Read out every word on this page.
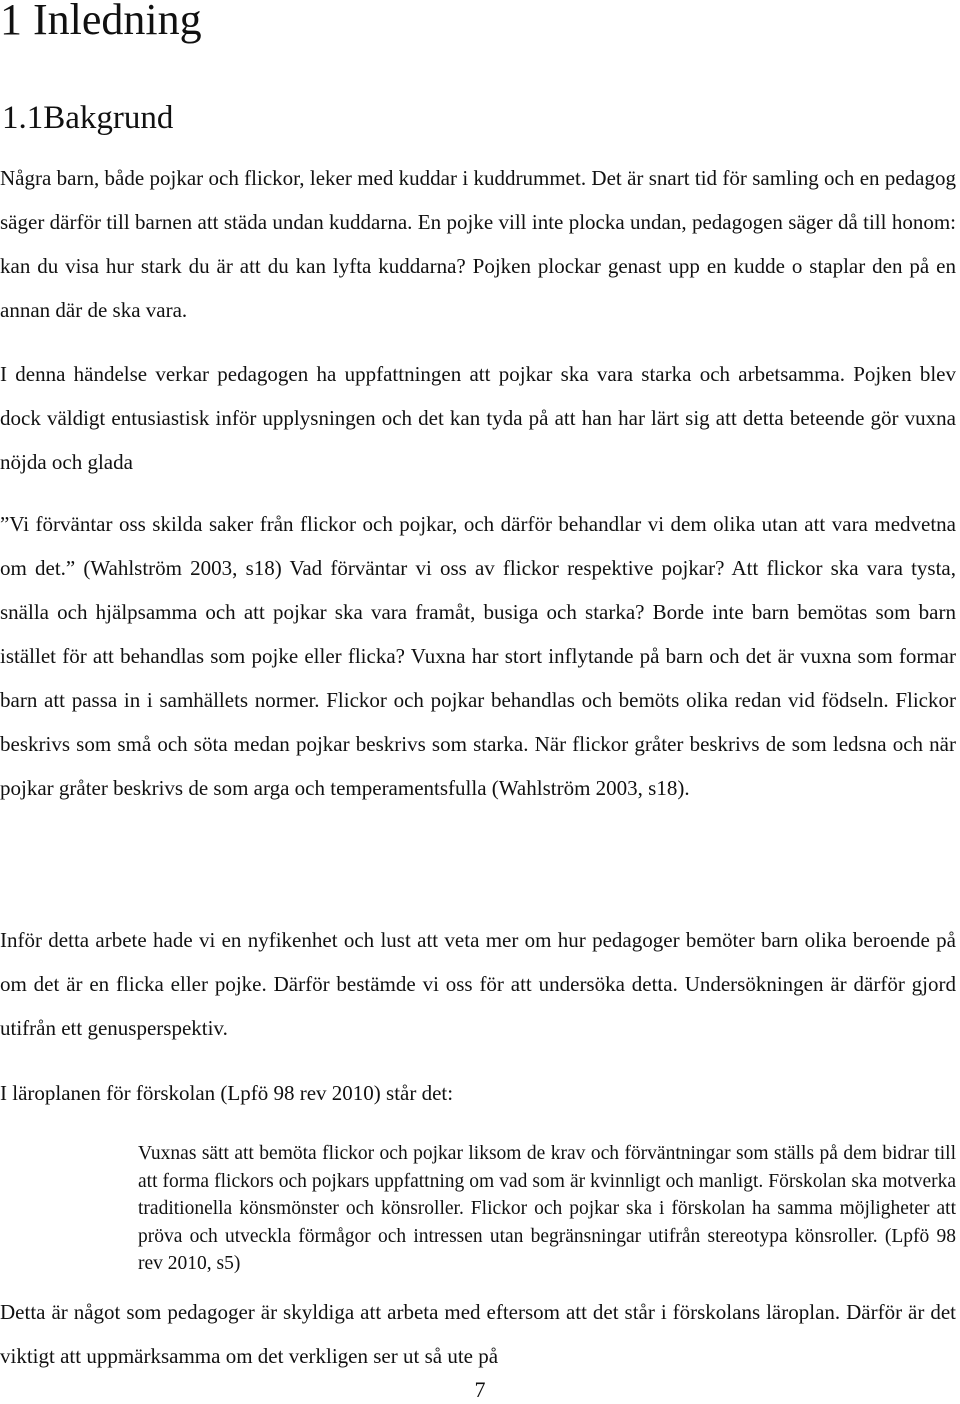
1 Inledning
1.1Bakgrund

Några barn, både pojkar och flickor, leker med kuddar i kuddrummet. Det är snart tid för samling och en pedagog säger därför till barnen att städa undan kuddarna. En pojke vill inte plocka undan, pedagogen säger då till honom: kan du visa hur stark du är att du kan lyfta kuddarna? Pojken plockar genast upp en kudde o staplar den på en annan där de ska vara.

I denna händelse verkar pedagogen ha uppfattningen att pojkar ska vara starka och arbetsamma. Pojken blev dock väldigt entusiastisk inför upplysningen och det kan tyda på att han har lärt sig att detta beteende gör vuxna nöjda och glada

”Vi förväntar oss skilda saker från flickor och pojkar, och därför behandlar vi dem olika utan att vara medvetna om det.” (Wahlström 2003, s18) Vad förväntar vi oss av flickor respektive pojkar? Att flickor ska vara tysta, snälla och hjälpsamma och att pojkar ska vara framåt, busiga och starka? Borde inte barn bemötas som barn istället för att behandlas som pojke eller flicka? Vuxna har stort inflytande på barn och det är vuxna som formar barn att passa in i samhällets normer. Flickor och pojkar behandlas och bemöts olika redan vid födseln. Flickor beskrivs som små och söta medan pojkar beskrivs som starka. När flickor gråter beskrivs de som ledsna och när pojkar gråter beskrivs de som arga och temperamentsfulla (Wahlström 2003, s18).

Inför detta arbete hade vi en nyfikenhet och lust att veta mer om hur pedagoger bemöter barn olika beroende på om det är en flicka eller pojke. Därför bestämde vi oss för att undersöka detta. Undersökningen är därför gjord utifrån ett genusperspektiv.

I läroplanen för förskolan (Lpfö 98 rev 2010) står det:

Vuxnas sätt att bemöta flickor och pojkar liksom de krav och förväntningar som ställs på dem bidrar till att forma flickors och pojkars uppfattning om vad som är kvinnligt och manligt. Förskolan ska motverka traditionella könsmönster och könsroller. Flickor och pojkar ska i förskolan ha samma möjligheter att pröva och utveckla förmågor och intressen utan begränsningar utifrån stereotypa könsroller. (Lpfö 98 rev 2010, s5)

Detta är något som pedagoger är skyldiga att arbeta med eftersom att det står i förskolans läroplan. Därför är det viktigt att uppmärksamma om det verkligen ser ut så ute på

7
